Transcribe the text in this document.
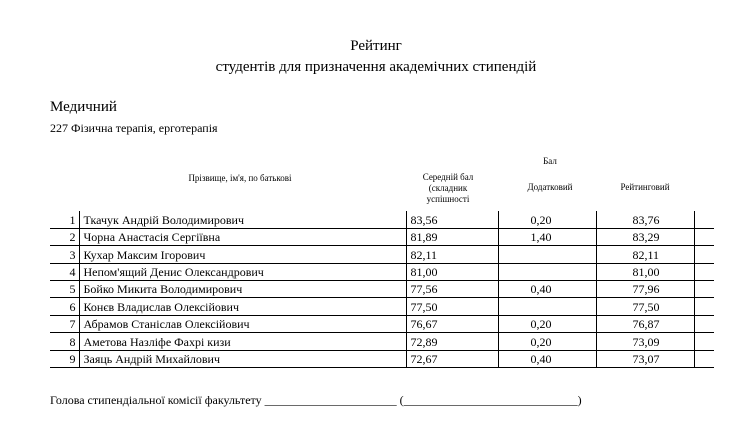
Рейтинг
студентів для призначення академічних стипендій
Медичний
227 Фізична терапія, ерготерапія
Прізвище, ім'я, по батькові	Середній бал
(складник
успішності
Бал
Додатковий	Рейтинговий
1	Ткачук Андрій Володимирович	83,56	0,20	83,76	
2	Чорна Анастасія Сергіївна	81,89	1,40	83,29	
3	Кухар Максим Ігорович	82,11		82,11	
4	Непом'ящий Денис Олександрович	81,00		81,00	
5	Бойко Микита Володимирович	77,56	0,40	77,96	
6	Конєв Владислав Олексійович	77,50		77,50	
7	Абрамов Станіслав Олексійович	76,67	0,20	76,87	
8	Аметова Назліфе Фахрі кизи	72,89	0,20	73,09	
9	Заяць Андрій Михайлович	72,67	0,40	73,07	
Голова стипендіальної комісії факультету ______________________ (_____________________________)
